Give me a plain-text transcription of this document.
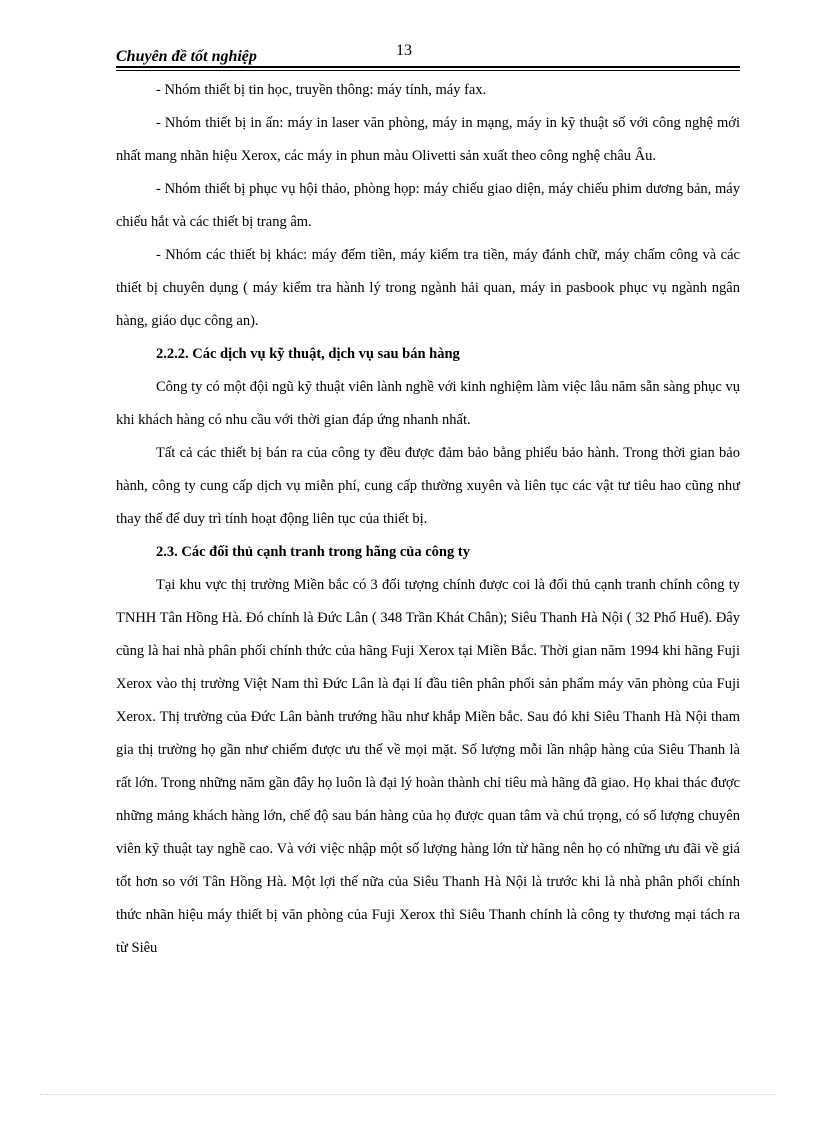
Chuyên đề tốt nghiệp	13

- Nhóm thiết bị tin học, truyền thông: máy tính, máy fax.

- Nhóm thiết bị in ấn: máy in laser văn phòng, máy in mạng, máy in kỹ thuật số với công nghệ mới nhất mang nhãn hiệu Xerox, các máy in phun màu Olivetti sản xuất theo công nghệ châu Âu.

- Nhóm thiết bị phục vụ hội thảo, phòng họp: máy chiếu giao diện, máy chiếu phim dương bản, máy chiếu hắt và các thiết bị trang âm.

- Nhóm các thiết bị khác: máy đếm tiền, máy kiểm tra tiền, máy đánh chữ, máy chấm công và các thiết bị chuyên dụng ( máy kiểm tra hành lý trong ngành hải quan, máy in pasbook phục vụ ngành ngân hàng, giáo dục công an).

2.2.2. Các dịch vụ kỹ thuật, dịch vụ sau bán hàng

Công ty có một đội ngũ kỹ thuật viên lành nghề với kinh nghiệm làm việc lâu năm sẵn sàng phục vụ khi khách hàng có nhu cầu với thời gian đáp ứng nhanh nhất.

Tất cả các thiết bị bán ra của công ty đều được đảm bảo bằng phiếu bảo hành. Trong thời gian bảo hành, công ty cung cấp dịch vụ miễn phí, cung cấp thường xuyên và liên tục các vật tư tiêu hao cũng như thay thế để duy trì tính hoạt động liên tục của thiết bị.

2.3. Các đối thủ cạnh tranh trong hãng của công ty

Tại khu vực thị trường Miền bắc có 3 đối tượng chính được coi là đối thủ cạnh tranh chính công ty TNHH Tân Hồng Hà. Đó chính là Đức Lân ( 348 Trần Khát Chân); Siêu Thanh Hà Nội ( 32 Phố Huế). Đây cũng là hai nhà phân phối chính thức của hãng Fuji Xerox tại Miền Bắc. Thời gian năm 1994 khi hãng Fuji Xerox vào thị trường Việt Nam thì Đức Lân là đại lí đầu tiên phân phối sản phẩm máy văn phòng của Fuji Xerox. Thị trường của Đức Lân bành trướng hầu như khắp Miền bắc. Sau đó khi Siêu Thanh Hà Nội tham gia thị trường họ gần như chiếm được ưu thế về mọi mặt. Số lượng mỗi lần nhập hàng của Siêu Thanh là rất lớn. Trong những năm gần đây họ luôn là đại lý hoàn thành chỉ tiêu mà hãng đã giao. Họ khai thác được những mảng khách hàng lớn, chế độ sau bán hàng của họ được quan tâm và chú trọng, có số lượng chuyên viên kỹ thuật tay nghề cao. Và với việc nhập một số lượng hàng lớn từ hãng nên họ có những ưu đãi về giá tốt hơn so với Tân Hồng Hà. Một lợi thế nữa của Siêu Thanh Hà Nội là trước khi là nhà phân phối chính thức nhãn hiệu máy thiết bị văn phòng của Fuji Xerox thì Siêu Thanh chính là công ty thương mại tách ra từ Siêu
